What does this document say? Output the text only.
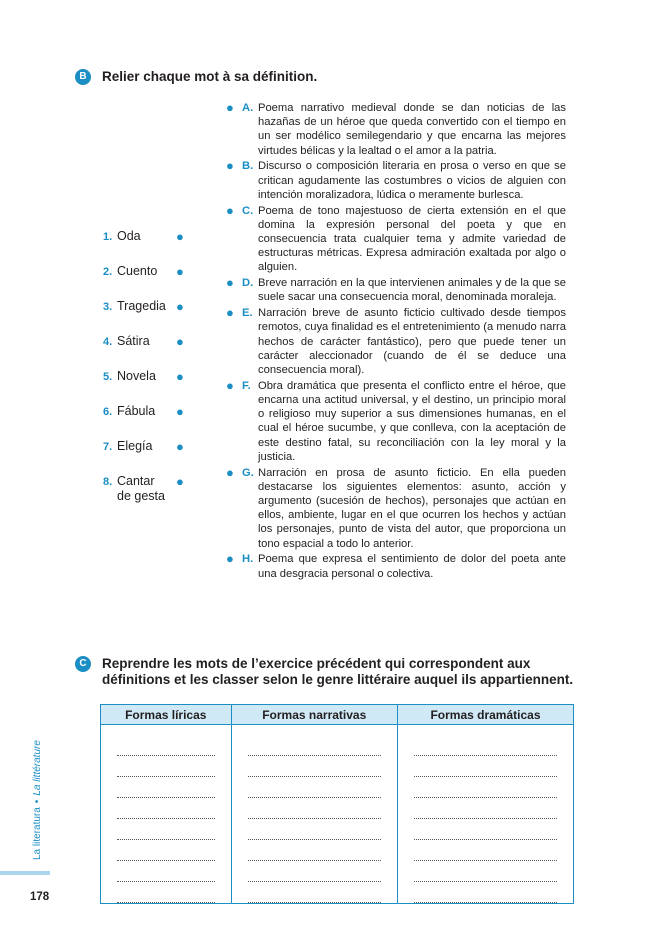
B	Relier chaque mot à sa définition.
1. Oda	●
2. Cuento ●
3. Tragedia ●
4. Sátira ●
5. Novela ●
6. Fábula ●
7. Elegía ●
8. Cantar de gesta
●
● A. Poema narrativo medieval donde se dan noticias de las hazañas de un héroe que queda convertido con el tiempo en un ser modélico semilegendario y que encarna las mejores virtudes bélicas y la lealtad o el amor a la patria.
● B. Discurso o composición literaria en prosa o verso en que se critican agudamente las costumbres o vicios de alguien con intención moralizadora, lúdica o meramente burlesca.
● C. Poema de tono majestuoso de cierta extensión en el que domina la expresión personal del poeta y que en consecuencia trata cualquier tema y admite variedad de estructuras métricas. Expresa admiración exaltada por algo o alguien.
● D. Breve narración en la que intervienen animales y de la que se suele sacar una consecuencia moral, denominada moraleja.
● E. Narración breve de asunto ficticio cultivado desde tiempos remotos, cuya finalidad es el entretenimiento (a menudo narra hechos de carácter fantástico), pero que puede tener un carácter aleccionador (cuando de él se deduce una consecuencia moral).
● F. Obra dramática que presenta el conflicto entre el héroe, que encarna una actitud universal, y el destino, un principio moral o religioso muy superior a sus dimensiones humanas, en el cual el héroe sucumbe, y que conlleva, con la aceptación de este destino fatal, su reconciliación con la ley moral y la justicia.
● G. Narración en prosa de asunto ficticio. En ella pueden destacarse los siguientes elementos: asunto, acción y argumento (sucesión de hechos), personajes que actúan en ellos, ambiente, lugar en el que ocurren los hechos y actúan los personajes, punto de vista del autor, que proporciona un tono espacial a todo lo anterior.
● H. Poema que expresa el sentimiento de dolor del poeta ante una desgracia personal o colectiva.
C	Reprendre les mots de l’exercice précédent qui correspondent aux définitions et les classer selon le genre littéraire auquel ils appartiennent.
Formas líricas	Formas narrativas	Formas dramáticas

La literatura•La littérature
178
